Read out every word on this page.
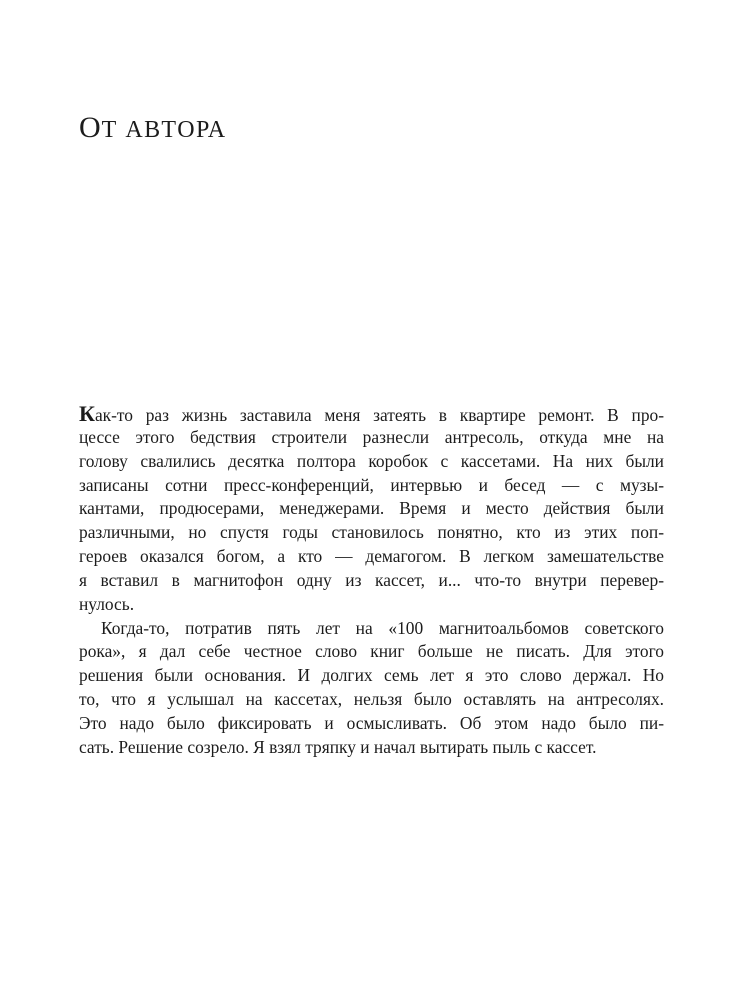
ОТ АВТОРА
Как-то раз жизнь заставила меня затеять в квартире ремонт. В про-
цессе этого бедствия строители разнесли антресоль, откуда мне на
голову свалились десятка полтора коробок с кассетами. На них были
записаны сотни пресс-конференций, интервью и бесед — с музы-
кантами, продюсерами, менеджерами. Время и место действия были
различными, но спустя годы становилось понятно, кто из этих поп-
героев оказался богом, а кто — демагогом. В легком замешательстве
я вставил в магнитофон одну из кассет, и... что-то внутри перевер-
нулось.
Когда-то, потратив пять лет на «100 магнитоальбомов советского
рока», я дал себе честное слово книг больше не писать. Для этого
решения были основания. И долгих семь лет я это слово держал. Но
то, что я услышал на кассетах, нельзя было оставлять на антресолях.
Это надо было фиксировать и осмысливать. Об этом надо было пи-
сать. Решение созрело. Я взял тряпку и начал вытирать пыль с кассет.
